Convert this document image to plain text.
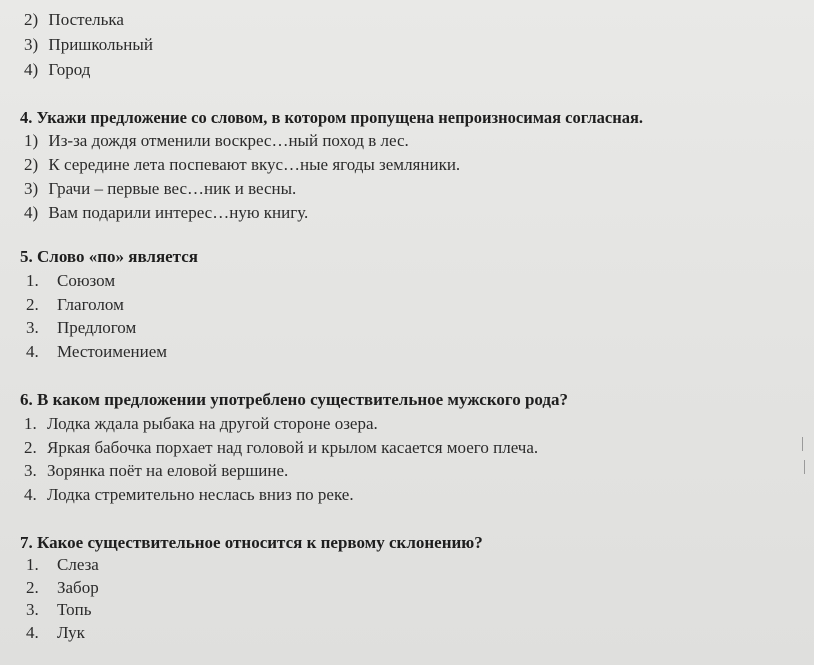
2) Постелька
3) Пришкольный
4) Город
4. Укажи предложение со словом, в котором пропущена непроизносимая согласная.
1) Из-за дождя отменили воскрес…ный поход в лес.
2) К середине лета поспевают вкус…ные ягоды земляники.
3) Грачи – первые вес…ник и весны.
4) Вам подарили интерес…ную книгу.
5. Слово «по» является
1. Союзом
2. Глаголом
3. Предлогом
4. Местоимением
6. В каком предложении употреблено существительное мужского рода?
1. Лодка ждала рыбака на другой стороне озера.
2. Яркая бабочка порхает над головой и крылом касается моего плеча.
3. Зорянка поёт на еловой вершине.
4. Лодка стремительно неслась вниз по реке.
7. Какое существительное относится к первому склонению?
1. Слеза
2. Забор
3. Топь
4. Лук
